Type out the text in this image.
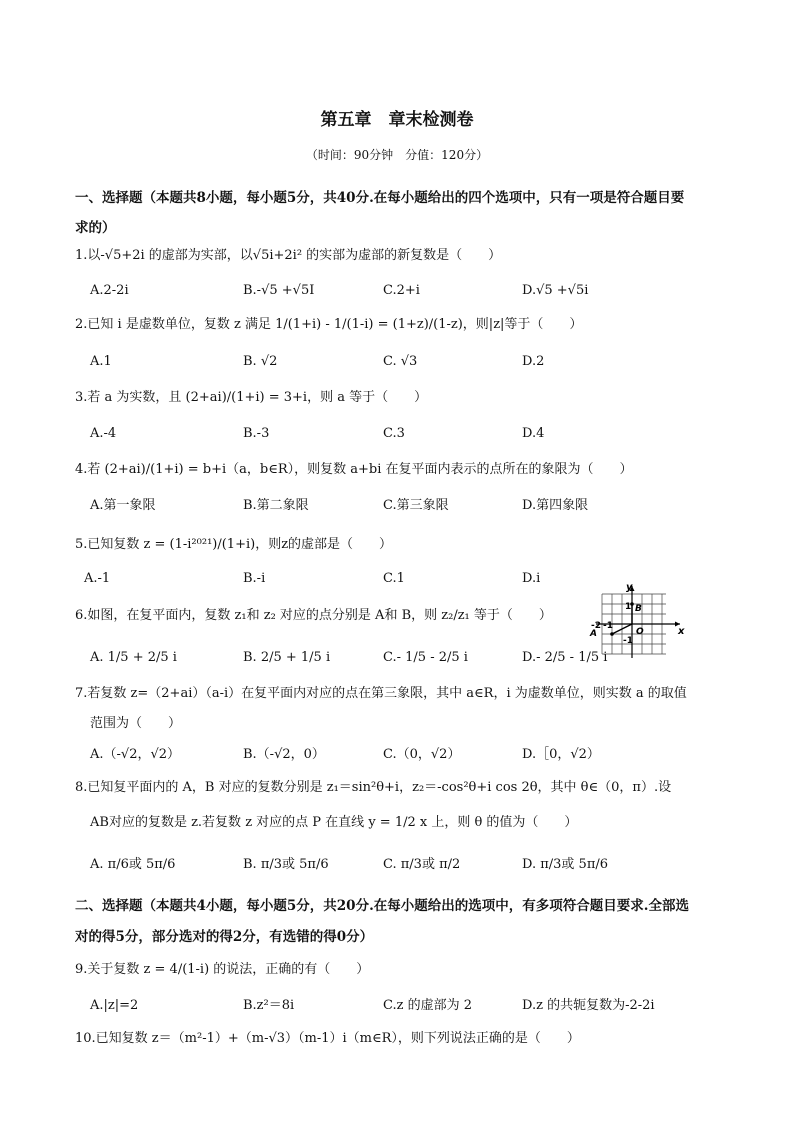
第五章　章末检测卷
（时间：90分钟　分值：120分）
一、选择题（本题共8小题，每小题5分，共40分.在每小题给出的四个选项中，只有一项是符合题目要
求的）
1.以-√5+2i 的虚部为实部，以√5i+2i² 的实部为虚部的新复数是（　　）
A.2-2i	B.-√5 +√5I	C.2+i	D.√5 +√5i
2.已知 i 是虚数单位，复数 z 满足 1/(1+i) - 1/(1-i) = (1+z)/(1-z)，则|z|等于（　　）
A.1	B. √2	C. √3	D.2
3.若 a 为实数，且 (2+ai)/(1+i) = 3+i，则 a 等于（　　）
A.-4	B.-3	C.3	D.4
4.若 (2+ai)/(1+i) = b+i（a，b∈R），则复数 a+bi 在复平面内表示的点所在的象限为（　　）
A.第一象限	B.第二象限	C.第三象限	D.第四象限
5.已知复数 z = (1-i²⁰²¹)/(1+i)，则z的虚部是（　　）
A.-1	B.-i	C.1	D.i
6.如图，在复平面内，复数 z₁和 z₂ 对应的点分别是 A和 B，则 z₂/z₁ 等于（　　）
A. 1/5 + 2/5 i	B. 2/5 + 1/5 i	C.- 1/5 - 2/5 i	D.- 2/5 - 1/5 i
y
x
O
1 B
A
-2 -1
-1
7.若复数 z=（2+ai）（a-i）在复平面内对应的点在第三象限，其中 a∈R，i 为虚数单位，则实数 a 的取值
范围为（　　）
A.（-√2，√2）	B.（-√2，0）	C.（0，√2）	D.［0，√2）
8.已知复平面内的 A，B 对应的复数分别是 z₁＝sin²θ+i，z₂＝-cos²θ+i cos 2θ，其中 θ∈（0，π）.设
AB对应的复数是 z.若复数 z 对应的点 P 在直线 y = 1/2 x 上，则 θ 的值为（　　）
A. π/6或 5π/6	B. π/3或 5π/6	C. π/3或 π/2	D. π/3或 5π/6
二、选择题（本题共4小题，每小题5分，共20分.在每小题给出的选项中，有多项符合题目要求.全部选
对的得5分，部分选对的得2分，有选错的得0分）
9.关于复数 z = 4/(1-i) 的说法，正确的有（　　）
A.|z|=2	B.z²＝8i	C.z 的虚部为 2	D.z 的共轭复数为-2-2i
10.已知复数 z＝（m²-1）+（m-√3）（m-1）i（m∈R），则下列说法正确的是（　　）
